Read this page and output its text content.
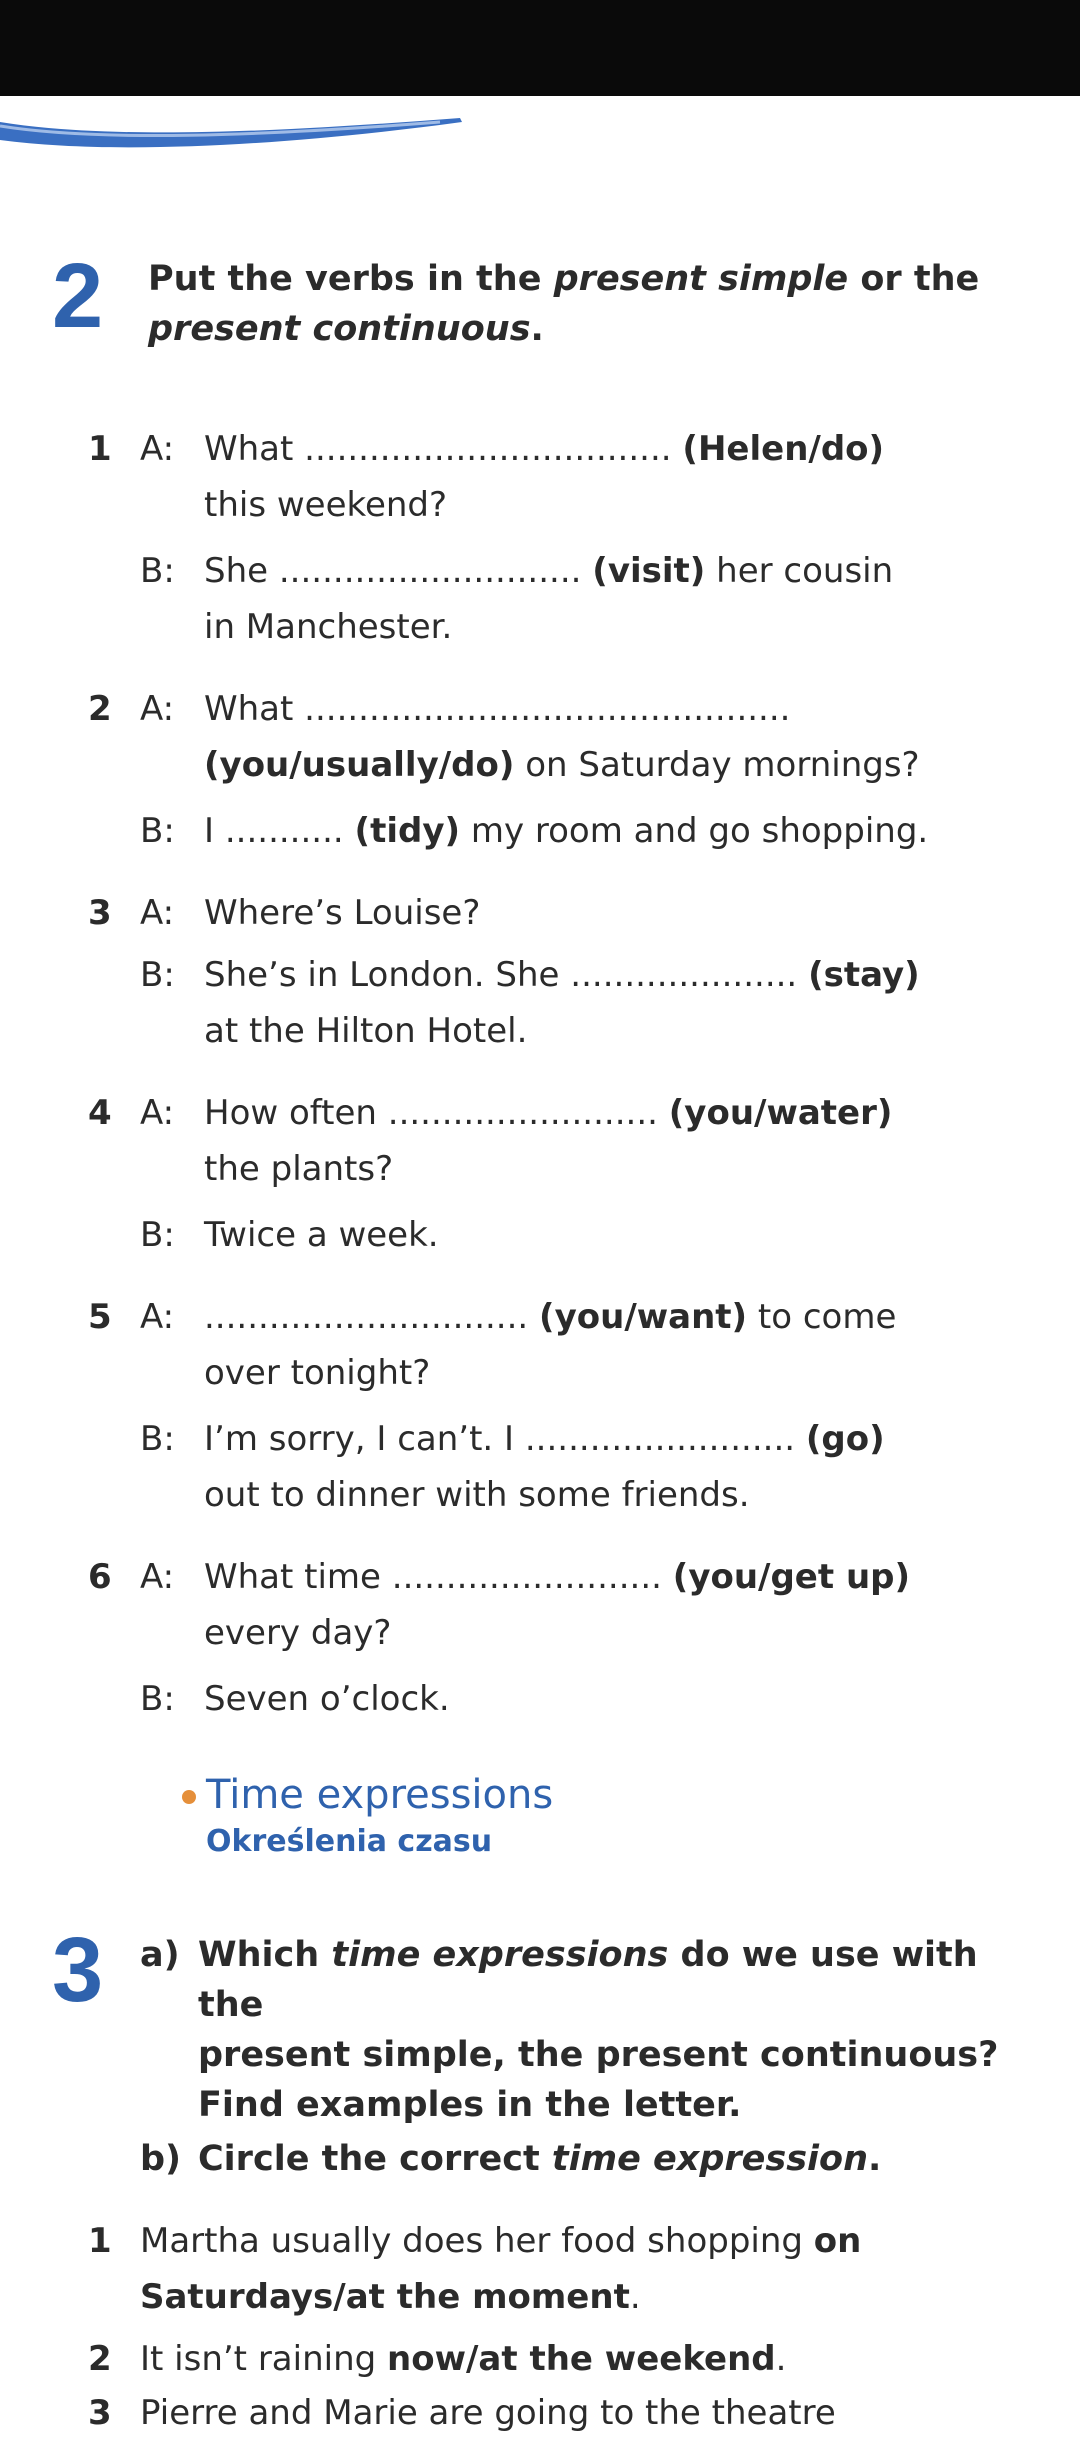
2 Put the verbs in the present simple or the
present continuous.
1 A: What .................................. (Helen/do)
this weekend?
B: She ............................ (visit) her cousin
in Manchester.
2 A: What .............................................
(you/usually/do) on Saturday mornings?
B: I ........... (tidy) my room and go shopping.
3 A: Where’s Louise?
B: She’s in London. She ..................... (stay)
at the Hilton Hotel.
4 A: How often ......................... (you/water)
the plants?
B: Twice a week.
5 A: .............................. (you/want) to come
over tonight?
B: I’m sorry, I can’t. I ......................... (go)
out to dinner with some friends.
6 A: What time ......................... (you/get up)
every day?
B: Seven o’clock.
Time expressions
Określenia czasu
3 a) Which time expressions do we use with the
present simple, the present continuous?
Find examples in the letter.
b) Circle the correct time expression.
1 Martha usually does her food shopping on
Saturdays/at the moment.
2 It isn’t raining now/at the weekend.
3 Pierre and Marie are going to the theatre
